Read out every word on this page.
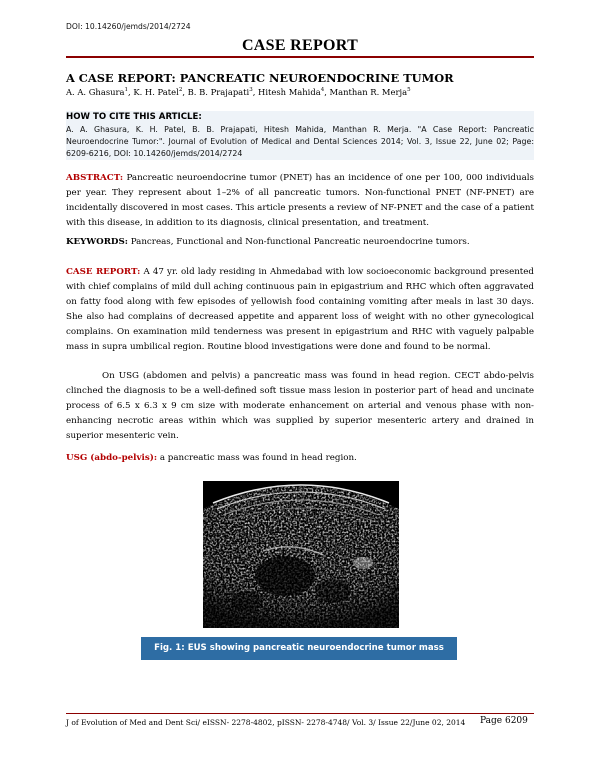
DOI: 10.14260/jemds/2014/2724
CASE REPORT
A CASE REPORT: PANCREATIC NEUROENDOCRINE TUMOR
A. A. Ghasura$^1$, K. H. Patel$^2$, B. B. Prajapati$^3$, Hitesh Mahida$^4$, Manthan R. Merja$^5$
HOW TO CITE THIS ARTICLE:
A. A. Ghasura, K. H. Patel, B. B. Prajapati, Hitesh Mahida, Manthan R. Merja. "A Case Report: Pancreatic Neuroendocrine Tumor:". Journal of Evolution of Medical and Dental Sciences 2014; Vol. 3, Issue 22, June 02; Page: 6209-6216, DOI: 10.14260/jemds/2014/2724
ABSTRACT: Pancreatic neuroendocrine tumor (PNET) has an incidence of one per 100, 000 individuals per year. They represent about 1–2% of all pancreatic tumors. Non-functional PNET (NF-PNET) are incidentally discovered in most cases. This article presents a review of NF-PNET and the case of a patient with this disease, in addition to its diagnosis, clinical presentation, and treatment.
KEYWORDS: Pancreas, Functional and Non-functional Pancreatic neuroendocrine tumors.
CASE REPORT: A 47 yr. old lady residing in Ahmedabad with low socioeconomic background presented with chief complains of mild dull aching continuous pain in epigastrium and RHC which often aggravated on fatty food along with few episodes of yellowish food containing vomiting after meals in last 30 days. She also had complains of decreased appetite and apparent loss of weight with no other gynecological complains. On examination mild tenderness was present in epigastrium and RHC with vaguely palpable mass in supra umbilical region. Routine blood investigations were done and found to be normal.
On USG (abdomen and pelvis) a pancreatic mass was found in head region. CECT abdo-pelvis clinched the diagnosis to be a well-defined soft tissue mass lesion in posterior part of head and uncinate process of 6.5 x 6.3 x 9 cm size with moderate enhancement on arterial and venous phase with non-enhancing necrotic areas within which was supplied by superior mesenteric artery and drained in superior mesenteric vein.
USG (abdo-pelvis): a pancreatic mass was found in head region.
Fig. 1: EUS showing pancreatic neuroendocrine tumor mass
J of Evolution of Med and Dent Sci/ eISSN- 2278-4802, pISSN- 2278-4748/ Vol. 3/ Issue 22/June 02, 2014 Page 6209
